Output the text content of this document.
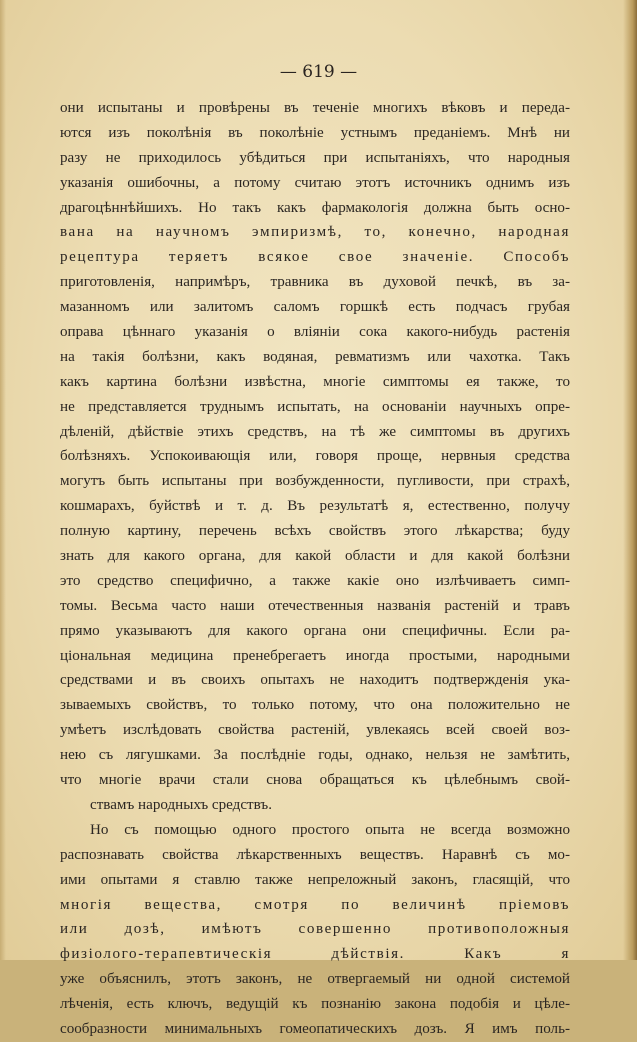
— 619 —
они испытаны и провѣрены въ теченіе многихъ вѣковъ и переда-
ются изъ поколѣнія въ поколѣніе устнымъ преданіемъ. Мнѣ ни
разу не приходилось убѣдиться при испытаніяхъ, что народныя
указанія ошибочны, а потому считаю этотъ источникъ однимъ изъ
драгоцѣннѣйшихъ. Но такъ какъ фармакологія должна быть осно-
вана на научномъ эмпиризмѣ, то, конечно, народная
рецептура теряетъ всякое свое значеніе. Способъ
приготовленія, напримѣръ, травника въ духовой печкѣ, въ за-
мазанномъ или залитомъ саломъ горшкѣ есть подчасъ грубая
оправа цѣннаго указанія о вліяніи сока какого-нибудь растенія
на такія болѣзни, какъ водяная, ревматизмъ или чахотка. Такъ
какъ картина болѣзни извѣстна, многіе симптомы ея также, то
не представляется труднымъ испытать, на основаніи научныхъ опре-
дѣленій, дѣйствіе этихъ средствъ, на тѣ же симптомы въ другихъ
болѣзняхъ. Успокоивающія или, говоря проще, нервныя средства
могутъ быть испытаны при возбужденности, пугливости, при страхѣ,
кошмарахъ, буйствѣ и т. д. Въ результатѣ я, естественно, получу
полную картину, перечень всѣхъ свойствъ этого лѣкарства; буду
знать для какого органа, для какой области и для какой болѣзни
это средство специфично, а также какіе оно излѣчиваетъ симп-
томы. Весьма часто наши отечественныя названія растеній и травъ
прямо указываютъ для какого органа они специфичны. Если ра-
ціональная медицина пренебрегаетъ иногда простыми, народными
средствами и въ своихъ опытахъ не находитъ подтвержденія ука-
зываемыхъ свойствъ, то только потому, что она положительно не
умѣетъ изслѣдовать свойства растеній, увлекаясь всей своей воз-
нею съ лягушками. За послѣдніе годы, однако, нельзя не замѣтить,
что многіе врачи стали снова обращаться къ цѣлебнымъ свой-
ствамъ народныхъ средствъ.
Но съ помощью одного простого опыта не всегда возможно
распознавать свойства лѣкарственныхъ веществъ. Наравнѣ съ мо-
ими опытами я ставлю также непреложный законъ, гласящій, что
многія вещества, смотря по величинѣ пріемовъ
или дозѣ, имѣютъ совершенно противоположныя
физіолого-терапевтическія дѣйствія. Какъ я
уже объяснилъ, этотъ законъ, не отвергаемый ни одной системой
лѣченія, есть ключъ, ведущій къ познанію закона подобія и цѣле-
сообразности минимальныхъ гомеопатическихъ дозъ. Я имъ поль-
